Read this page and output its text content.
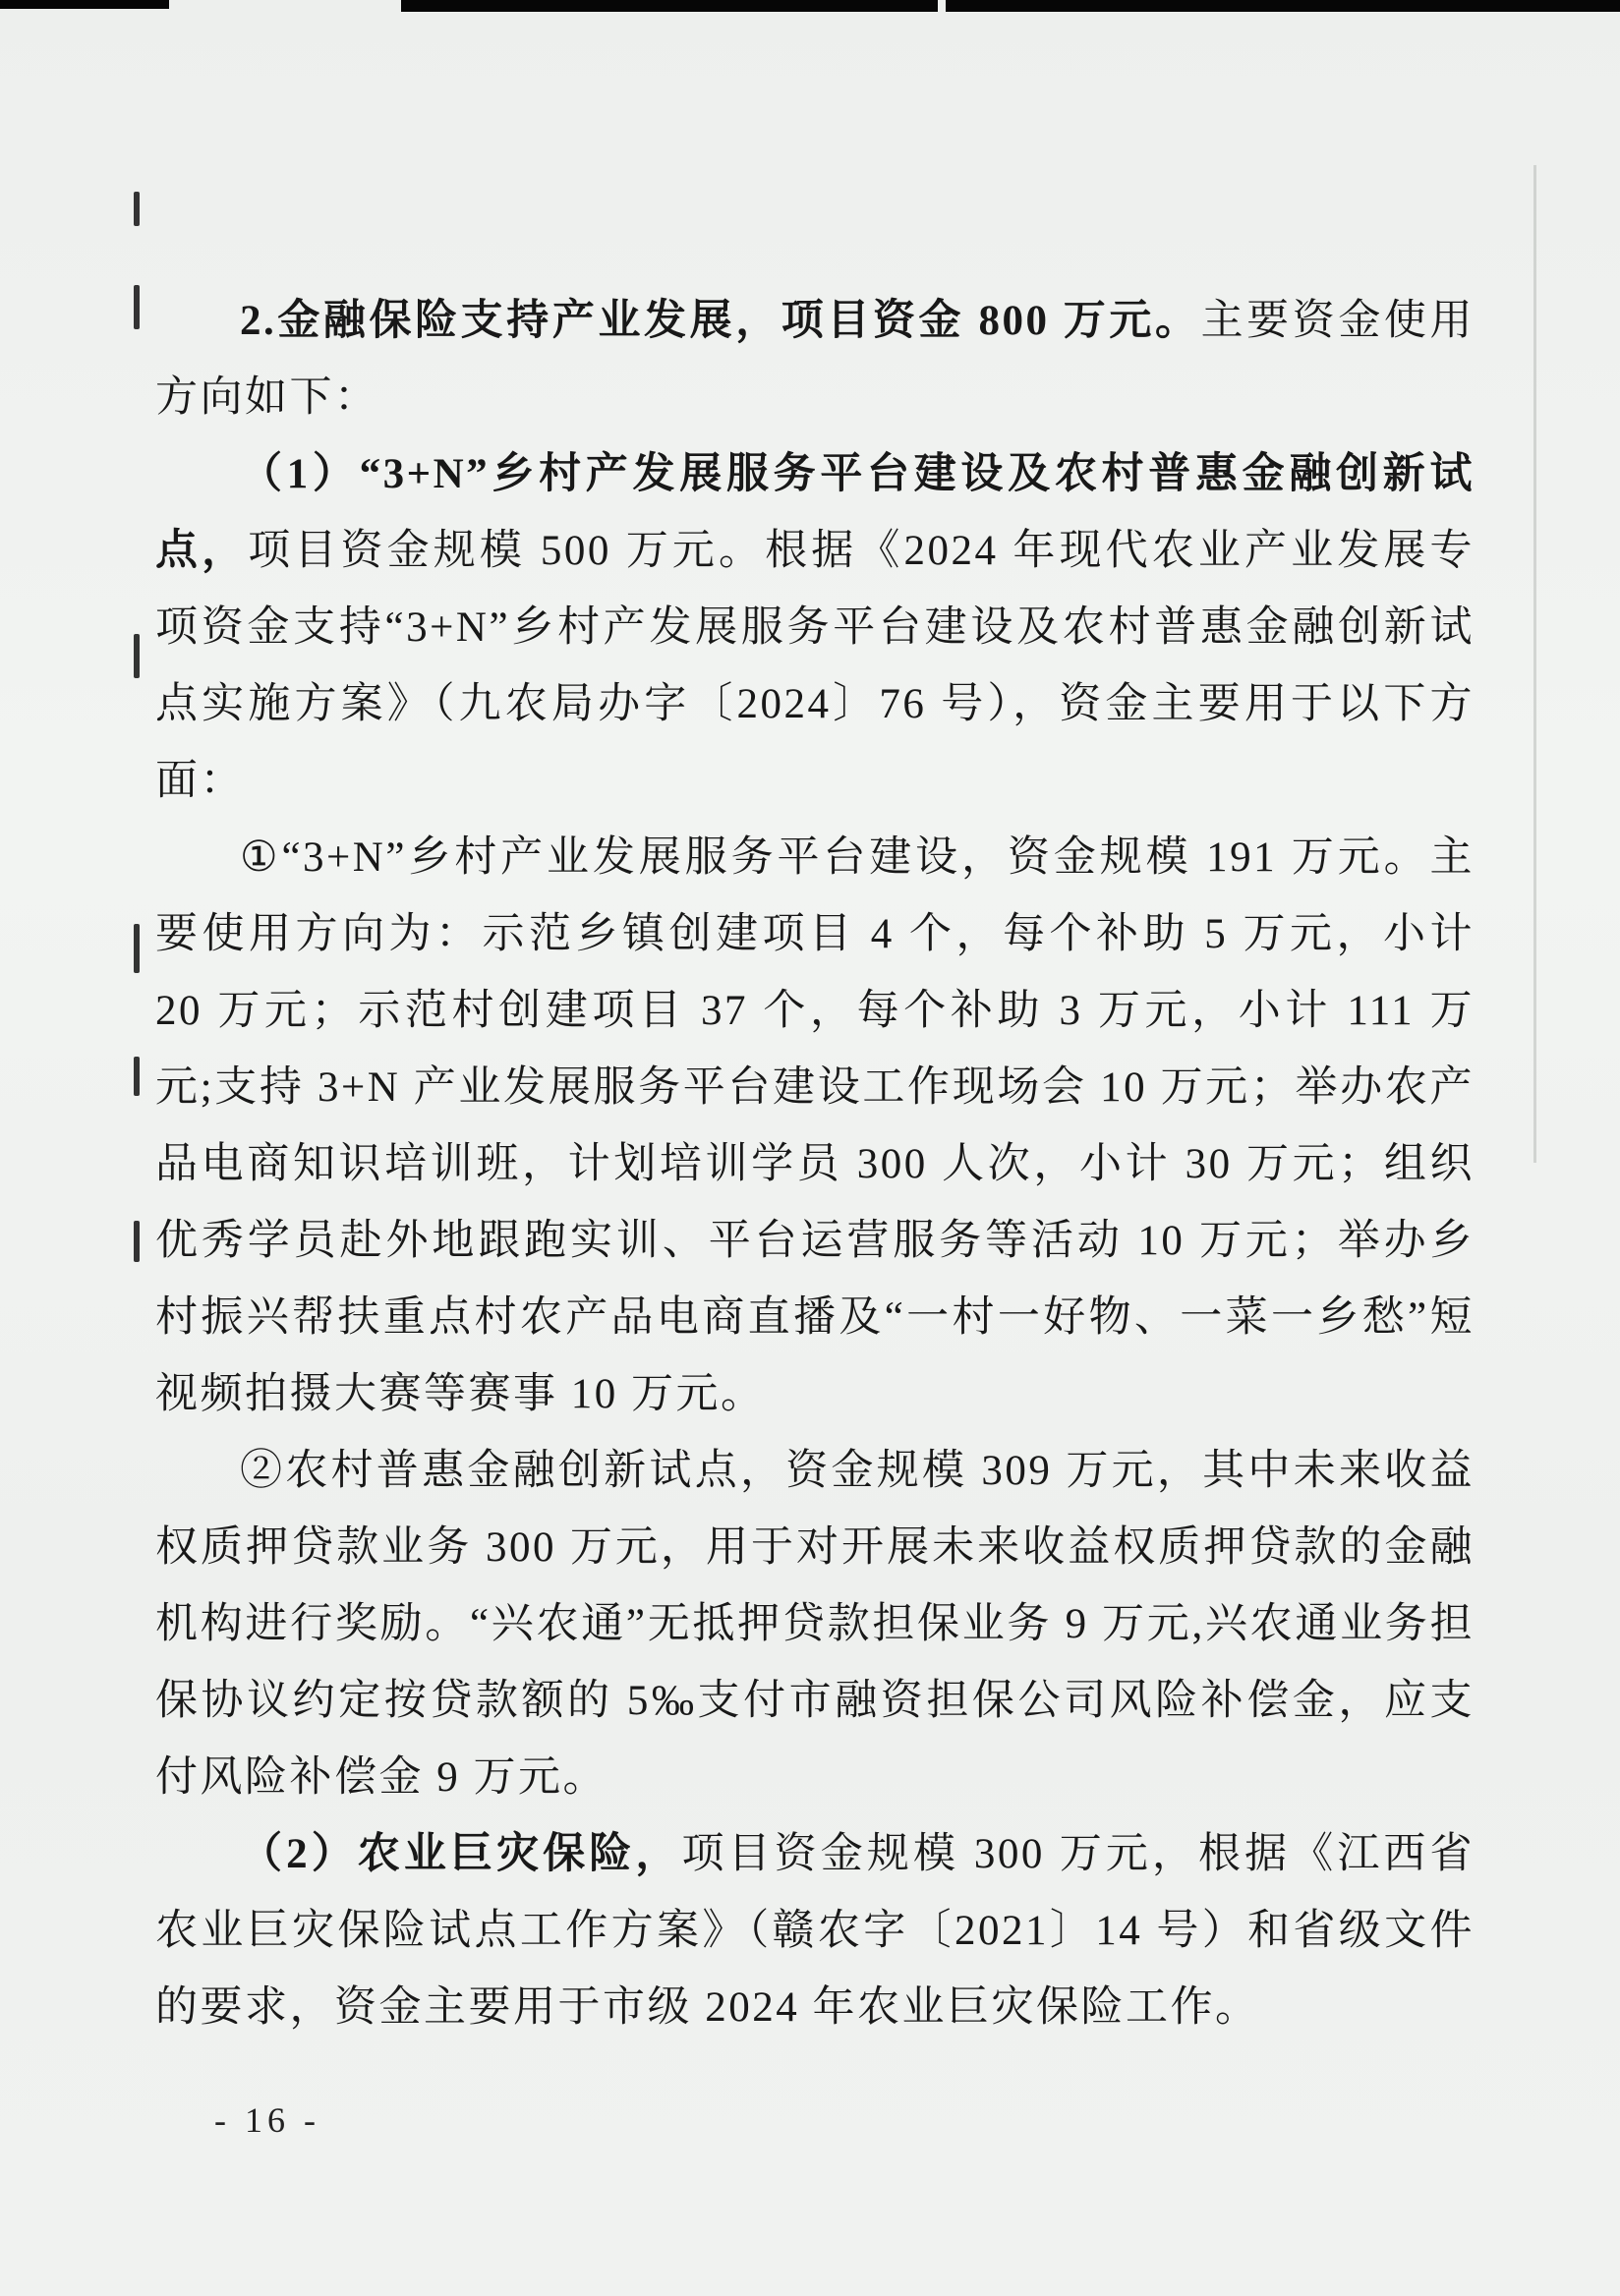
2.金融保险支持产业发展，项目资金 800 万元。主要资金使用方向如下：

（1）“3+N”乡村产发展服务平台建设及农村普惠金融创新试点，项目资金规模 500 万元。根据《2024 年现代农业产业发展专项资金支持“3+N”乡村产发展服务平台建设及农村普惠金融创新试点实施方案》（九农局办字〔2024〕76 号），资金主要用于以下方面：

①“3+N”乡村产业发展服务平台建设，资金规模 191 万元。主要使用方向为：示范乡镇创建项目 4 个，每个补助 5 万元，小计 20 万元；示范村创建项目 37 个，每个补助 3 万元，小计 111 万元;支持 3+N 产业发展服务平台建设工作现场会 10 万元；举办农产品电商知识培训班，计划培训学员 300 人次，小计 30 万元；组织优秀学员赴外地跟跑实训、平台运营服务等活动 10 万元；举办乡村振兴帮扶重点村农产品电商直播及“一村一好物、一菜一乡愁”短视频拍摄大赛等赛事 10 万元。

②农村普惠金融创新试点，资金规模 309 万元，其中未来收益权质押贷款业务 300 万元，用于对开展未来收益权质押贷款的金融机构进行奖励。“兴农通”无抵押贷款担保业务 9 万元,兴农通业务担保协议约定按贷款额的 5‰支付市融资担保公司风险补偿金，应支付风险补偿金 9 万元。

（2）农业巨灾保险，项目资金规模 300 万元，根据《江西省农业巨灾保险试点工作方案》（赣农字〔2021〕14 号）和省级文件的要求，资金主要用于市级 2024 年农业巨灾保险工作。

- 16 -
